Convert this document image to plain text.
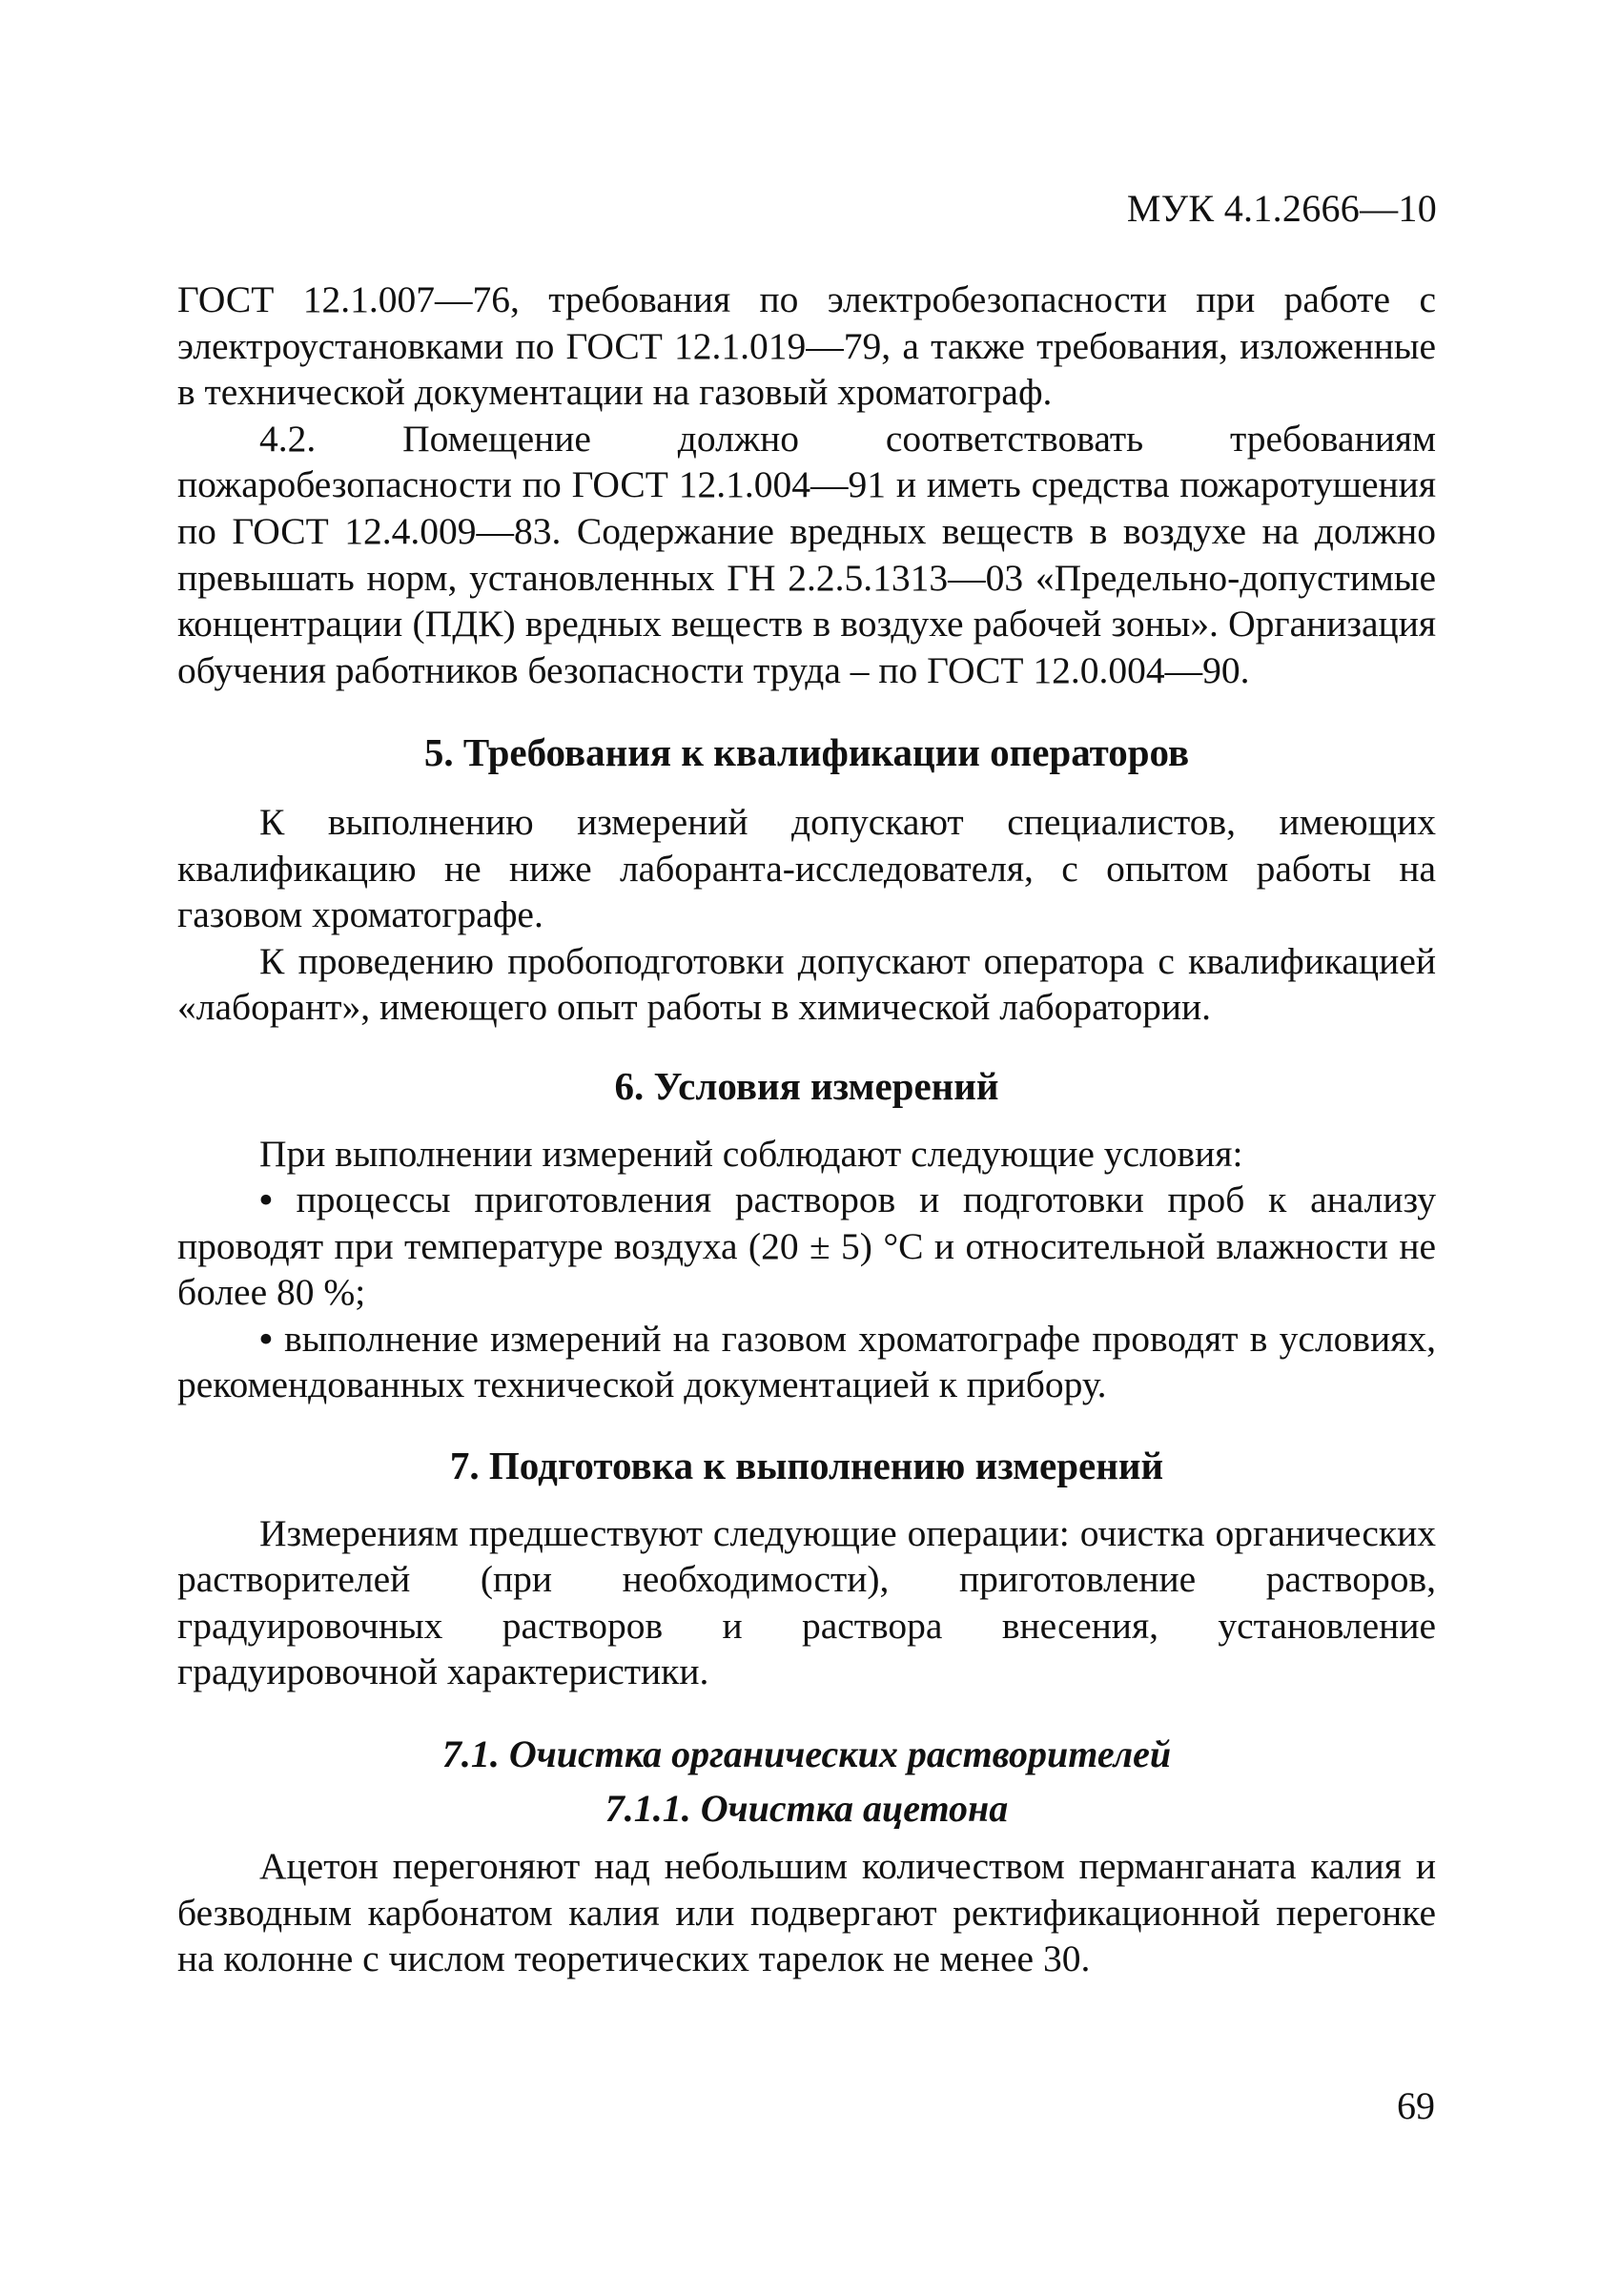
МУК 4.1.2666—10

ГОСТ 12.1.007—76, требования по электробезопасности при работе с электроустановками по ГОСТ 12.1.019—79, а также требования, изложенные в технической документации на газовый хроматограф.

4.2. Помещение должно соответствовать требованиям пожаробезопасности по ГОСТ 12.1.004—91 и иметь средства пожаротушения по ГОСТ 12.4.009—83. Содержание вредных веществ в воздухе на должно превышать норм, установленных ГН 2.2.5.1313—03 «Предельно-допустимые концентрации (ПДК) вредных веществ в воздухе рабочей зоны». Организация обучения работников безопасности труда – по ГОСТ 12.0.004—90.

5. Требования к квалификации операторов

К выполнению измерений допускают специалистов, имеющих квалификацию не ниже лаборанта-исследователя, с опытом работы на газовом хроматографе.

К проведению пробоподготовки допускают оператора с квалификацией «лаборант», имеющего опыт работы в химической лаборатории.

6. Условия измерений

При выполнении измерений соблюдают следующие условия:

• процессы приготовления растворов и подготовки проб к анализу проводят при температуре воздуха (20 ± 5) °С и относительной влажности не более 80 %;

• выполнение измерений на газовом хроматографе проводят в условиях, рекомендованных технической документацией к прибору.

7. Подготовка к выполнению измерений

Измерениям предшествуют следующие операции: очистка органических растворителей (при необходимости), приготовление растворов, градуировочных растворов и раствора внесения, установление градуировочной характеристики.

7.1. Очистка органических растворителей
7.1.1. Очистка ацетона

Ацетон перегоняют над небольшим количеством перманганата калия и безводным карбонатом калия или подвергают ректификационной перегонке на колонне с числом теоретических тарелок не менее 30.

69
